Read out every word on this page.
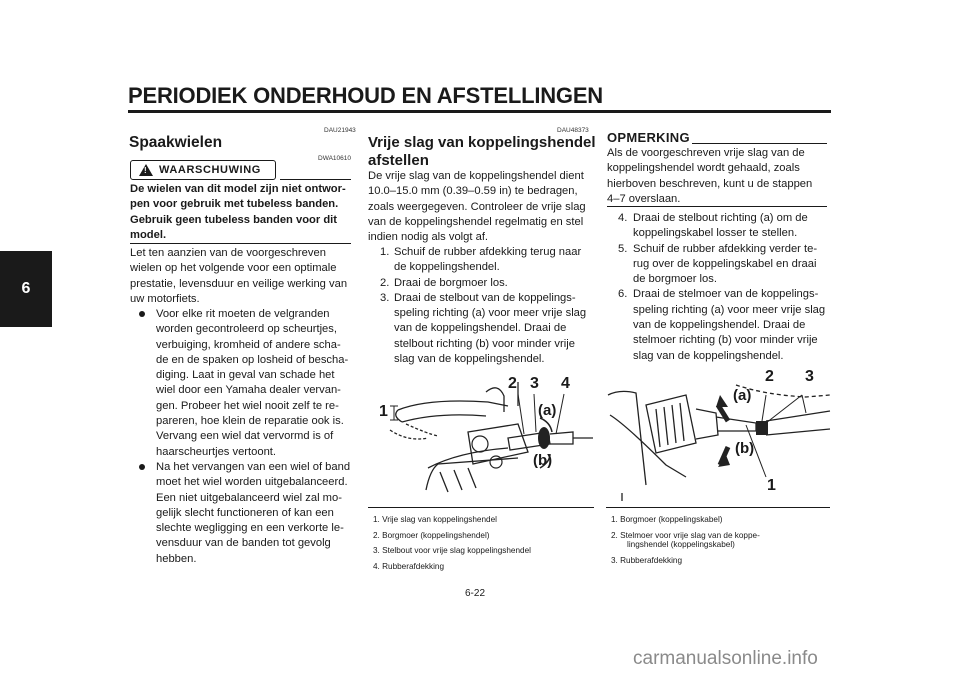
PERIODIEK ONDERHOUD EN AFSTELLINGEN
6
DAU21943
Spaakwielen
! WAARSCHUWING
DWA10610
De wielen van dit model zijn niet ontwor-
pen voor gebruik met tubeless banden.
Gebruik geen tubeless banden voor dit
model.
Let ten aanzien van de voorgeschreven
wielen op het volgende voor een optimale
prestatie, levensduur en veilige werking van
uw motorfiets.
Voor elke rit moeten de velgranden
worden gecontroleerd op scheurtjes,
verbuiging, kromheid of andere scha-
de en de spaken op losheid of bescha-
diging. Laat in geval van schade het
wiel door een Yamaha dealer vervan-
gen. Probeer het wiel nooit zelf te re-
pareren, hoe klein de reparatie ook is.
Vervang een wiel dat vervormd is of
haarscheurtjes vertoont.
Na het vervangen van een wiel of band
moet het wiel worden uitgebalanceerd.
Een niet uitgebalanceerd wiel zal mo-
gelijk slecht functioneren of kan een
slechte wegligging en een verkorte le-
vensduur van de banden tot gevolg
hebben.
DAU48373
Vrije slag van koppelingshendel
afstellen
De vrije slag van de koppelingshendel dient
10.0–15.0 mm (0.39–0.59 in) te bedragen,
zoals weergegeven. Controleer de vrije slag
van de koppelingshendel regelmatig en stel
indien nodig als volgt af.
1. Schuif de rubber afdekking terug naar
de koppelingshendel.
2. Draai de borgmoer los.
3. Draai de stelbout van de koppelings-
speling richting (a) voor meer vrije slag
van de koppelingshendel. Draai de
stelbout richting (b) voor minder vrije
slag van de koppelingshendel.
1
2 3 4
(a)
(b)
1. Vrije slag van koppelingshendel
2. Borgmoer (koppelingshendel)
3. Stelbout voor vrije slag koppelingshendel
4. Rubberafdekking
OPMERKING
Als de voorgeschreven vrije slag van de
koppelingshendel wordt gehaald, zoals
hierboven beschreven, kunt u de stappen
4–7 overslaan.
4. Draai de stelbout richting (a) om de
koppelingskabel losser te stellen.
5. Schuif de rubber afdekking verder te-
rug over de koppelingskabel en draai
de borgmoer los.
6. Draai de stelmoer van de koppelings-
speling richting (a) voor meer vrije slag
van de koppelingshendel. Draai de
stelmoer richting (b) voor minder vrije
slag van de koppelingshendel.
2 3
(a)
(b)
1
1. Borgmoer (koppelingskabel)
2. Stelmoer voor vrije slag van de koppe-
lingshendel (koppelingskabel)
3. Rubberafdekking
6-22
carmanualsonline.info
